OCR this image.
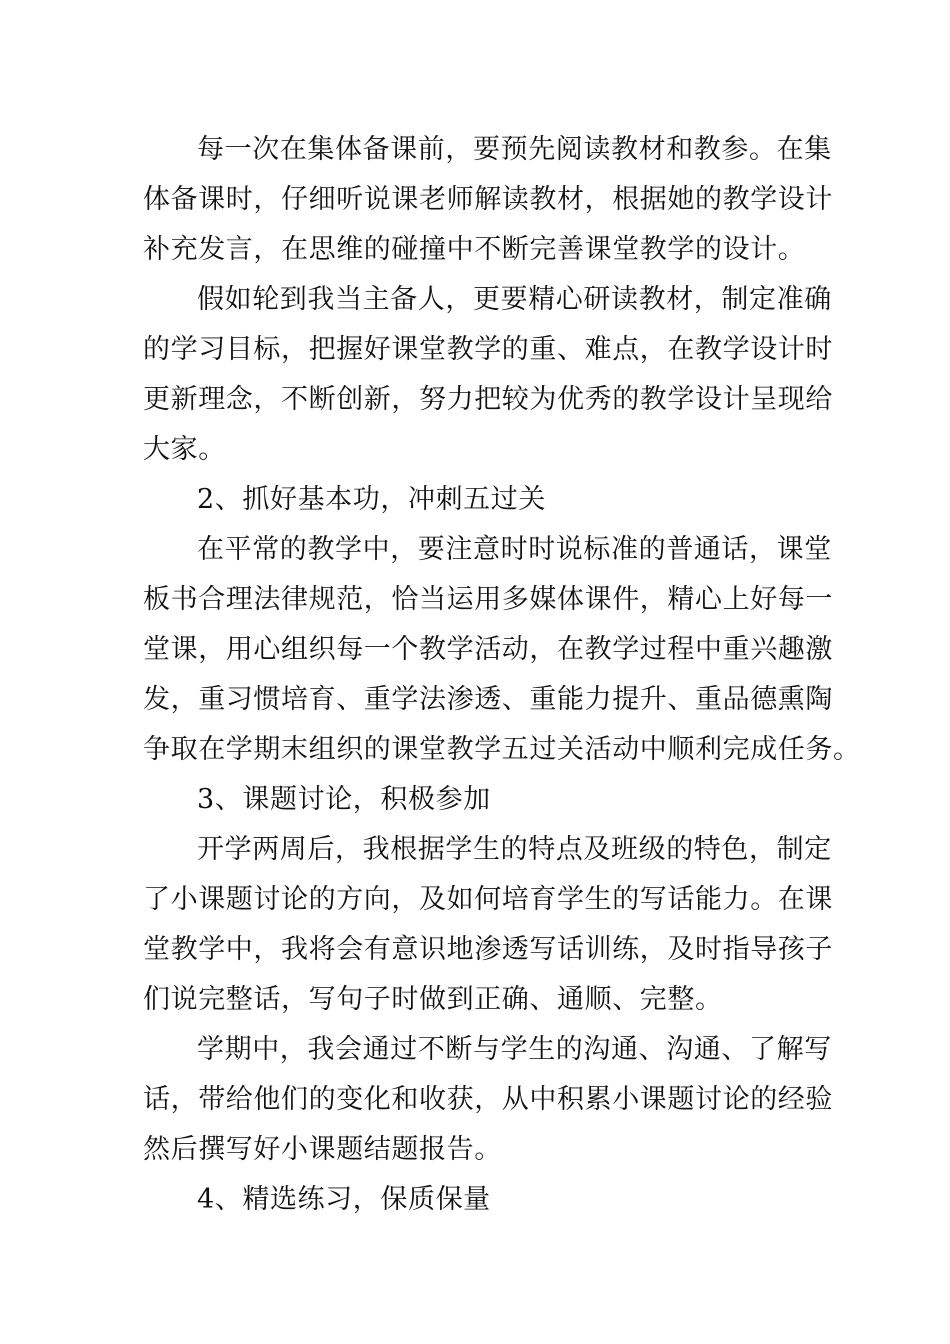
每一次在集体备课前，要预先阅读教材和教参。在集
体备课时，仔细听说课老师解读教材，根据她的教学设计
补充发言，在思维的碰撞中不断完善课堂教学的设计。
假如轮到我当主备人，更要精心研读教材，制定准确
的学习目标，把握好课堂教学的重、难点，在教学设计时
更新理念，不断创新，努力把较为优秀的教学设计呈现给
大家。
2、抓好基本功，冲刺五过关
在平常的教学中，要注意时时说标准的普通话，课堂
板书合理法律规范，恰当运用多媒体课件，精心上好每一
堂课，用心组织每一个教学活动，在教学过程中重兴趣激
发，重习惯培育、重学法渗透、重能力提升、重品德熏陶
争取在学期末组织的课堂教学五过关活动中顺利完成任务。
3、课题讨论，积极参加
开学两周后，我根据学生的特点及班级的特色，制定
了小课题讨论的方向，及如何培育学生的写话能力。在课
堂教学中，我将会有意识地渗透写话训练，及时指导孩子
们说完整话，写句子时做到正确、通顺、完整。
学期中，我会通过不断与学生的沟通、沟通、了解写
话，带给他们的变化和收获，从中积累小课题讨论的经验
然后撰写好小课题结题报告。
4、精选练习，保质保量
